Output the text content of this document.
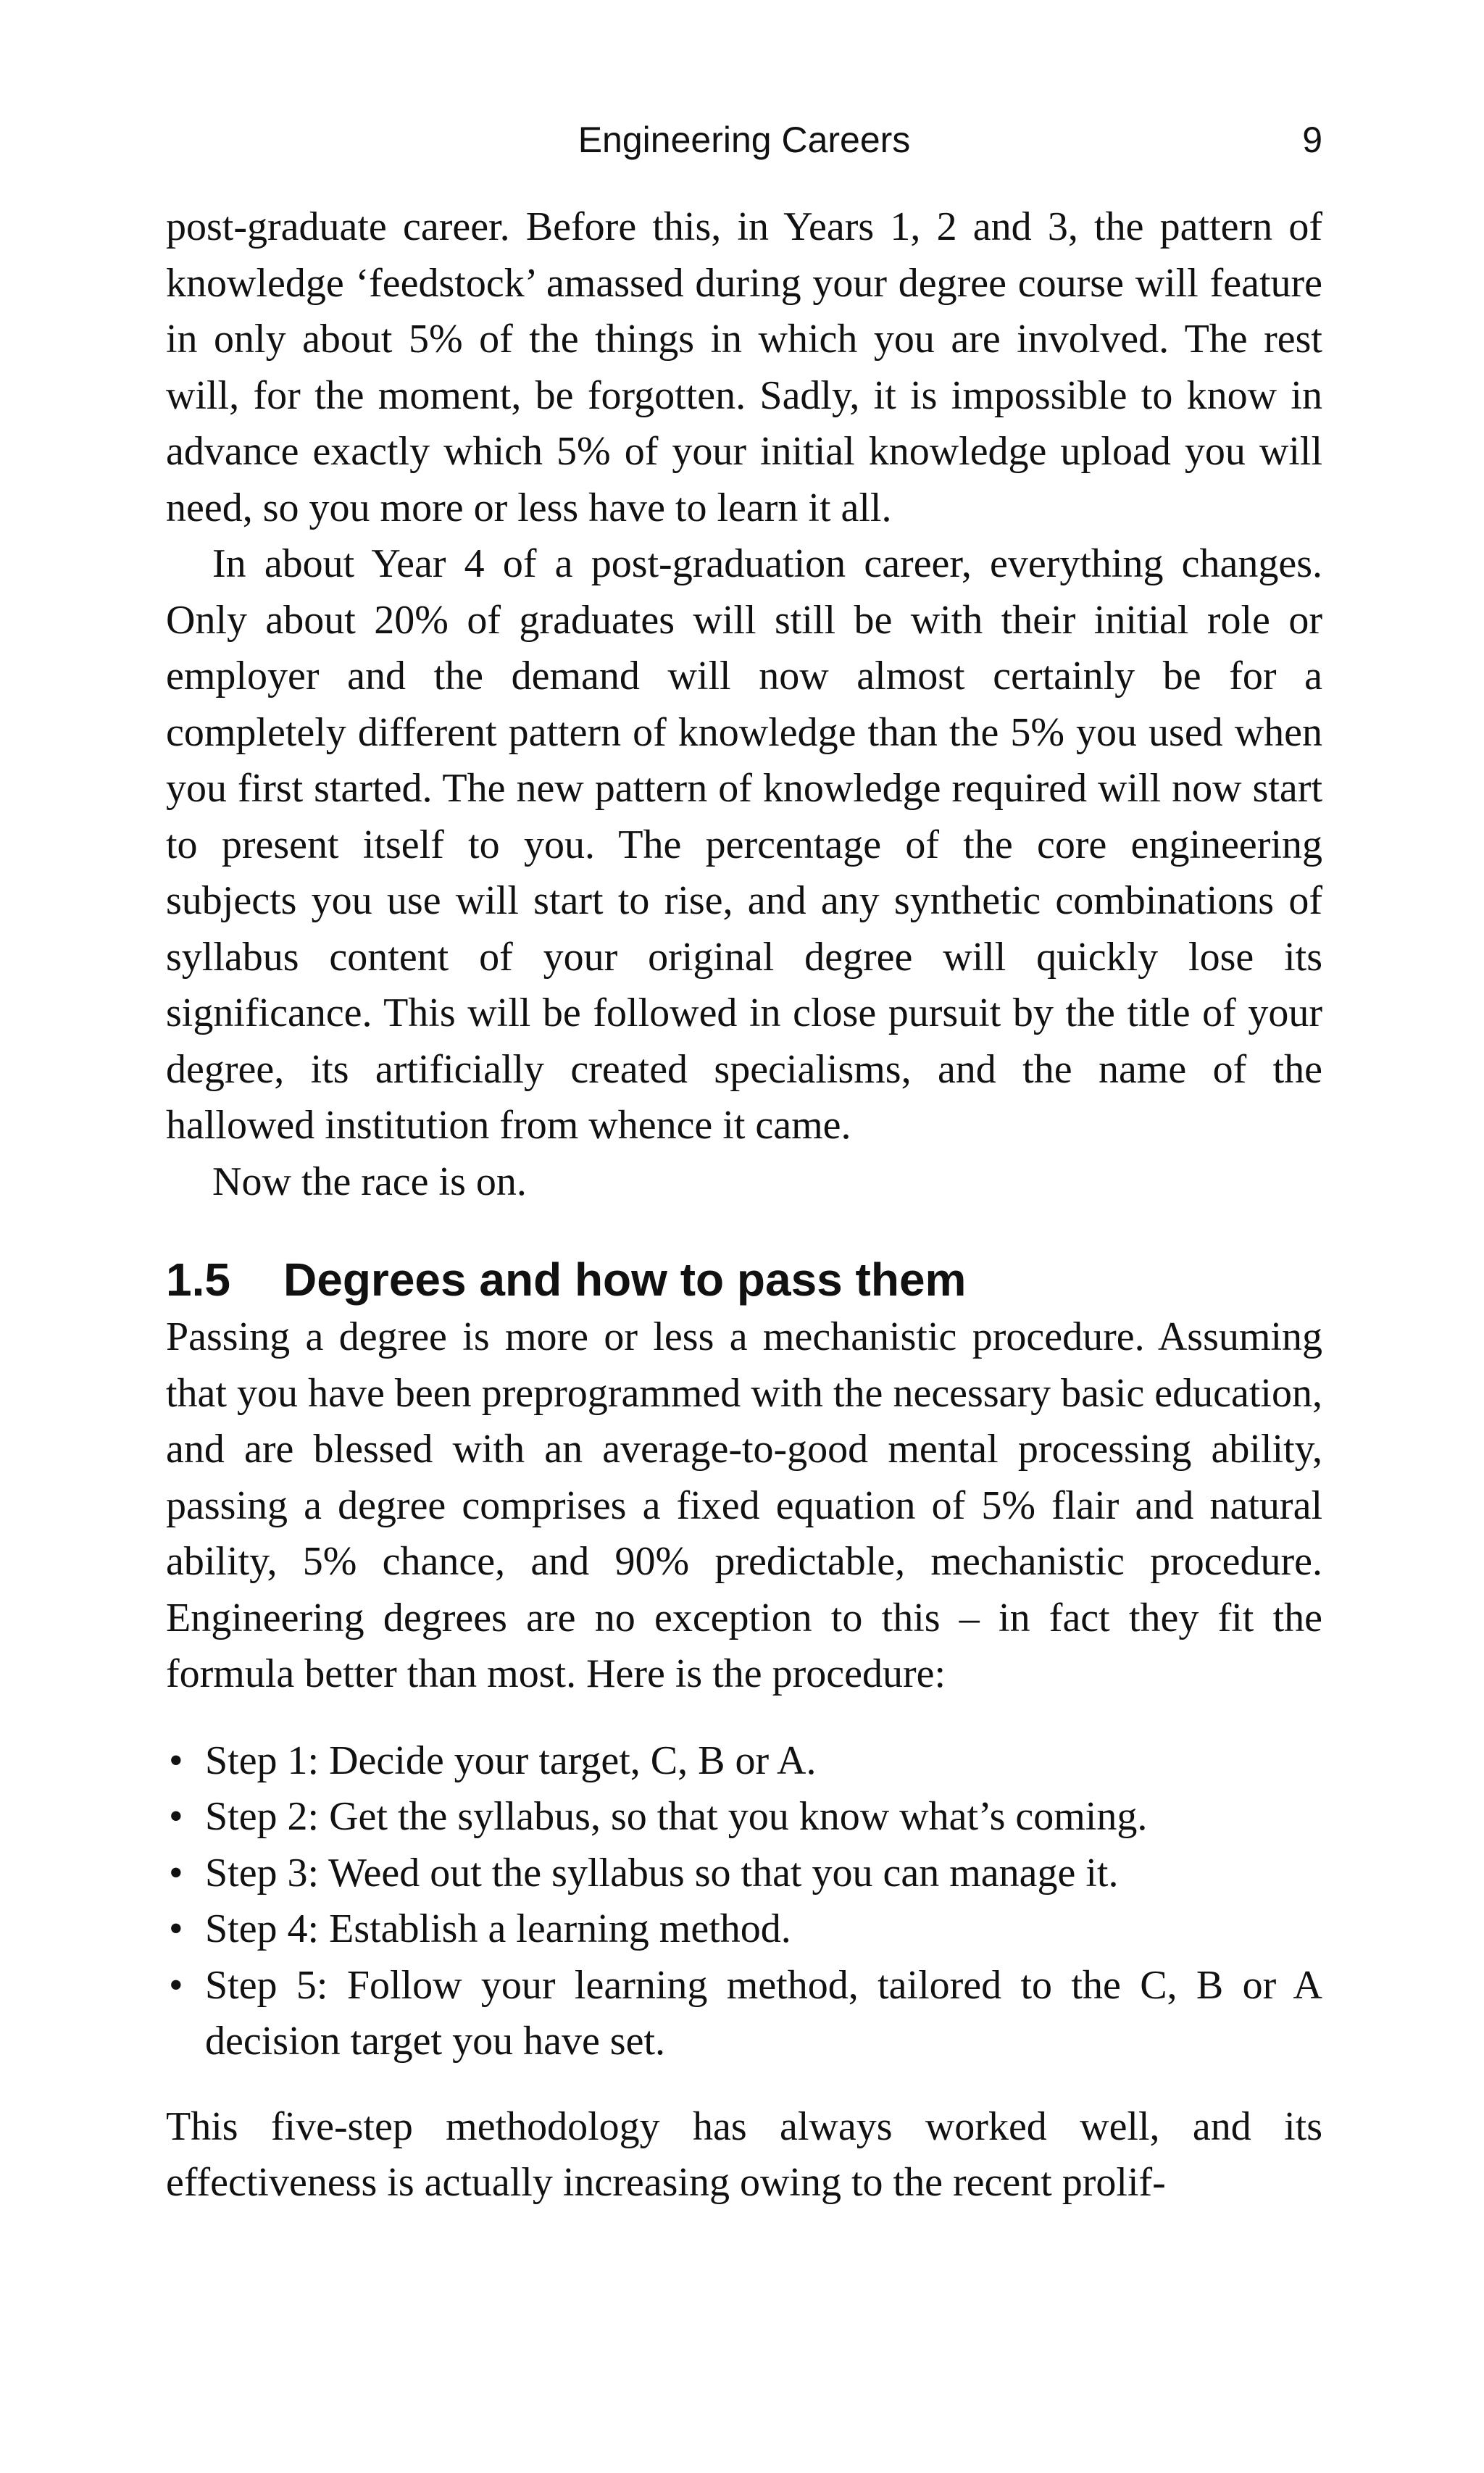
Engineering Careers	9

post-graduate career. Before this, in Years 1, 2 and 3, the pattern of knowledge ‘feedstock’ amassed during your degree course will feature in only about 5% of the things in which you are involved. The rest will, for the moment, be forgotten. Sadly, it is impossible to know in advance exactly which 5% of your initial knowledge upload you will need, so you more or less have to learn it all.

In about Year 4 of a post-graduation career, everything changes. Only about 20% of graduates will still be with their initial role or employer and the demand will now almost certainly be for a completely different pattern of knowledge than the 5% you used when you first started. The new pattern of knowledge required will now start to present itself to you. The percentage of the core engineering subjects you use will start to rise, and any synthetic combinations of syllabus content of your original degree will quickly lose its significance. This will be followed in close pursuit by the title of your degree, its artificially created specialisms, and the name of the hallowed institution from whence it came.

Now the race is on.

1.5	Degrees and how to pass them

Passing a degree is more or less a mechanistic procedure. Assuming that you have been preprogrammed with the necessary basic education, and are blessed with an average-to-good mental processing ability, passing a degree comprises a fixed equation of 5% flair and natural ability, 5% chance, and 90% predictable, mechanistic procedure. Engineering degrees are no exception to this – in fact they fit the formula better than most. Here is the procedure:

• Step 1: Decide your target, C, B or A.
• Step 2: Get the syllabus, so that you know what’s coming.
• Step 3: Weed out the syllabus so that you can manage it.
• Step 4: Establish a learning method.
• Step 5: Follow your learning method, tailored to the C, B or A decision target you have set.

This five-step methodology has always worked well, and its effectiveness is actually increasing owing to the recent prolif-
